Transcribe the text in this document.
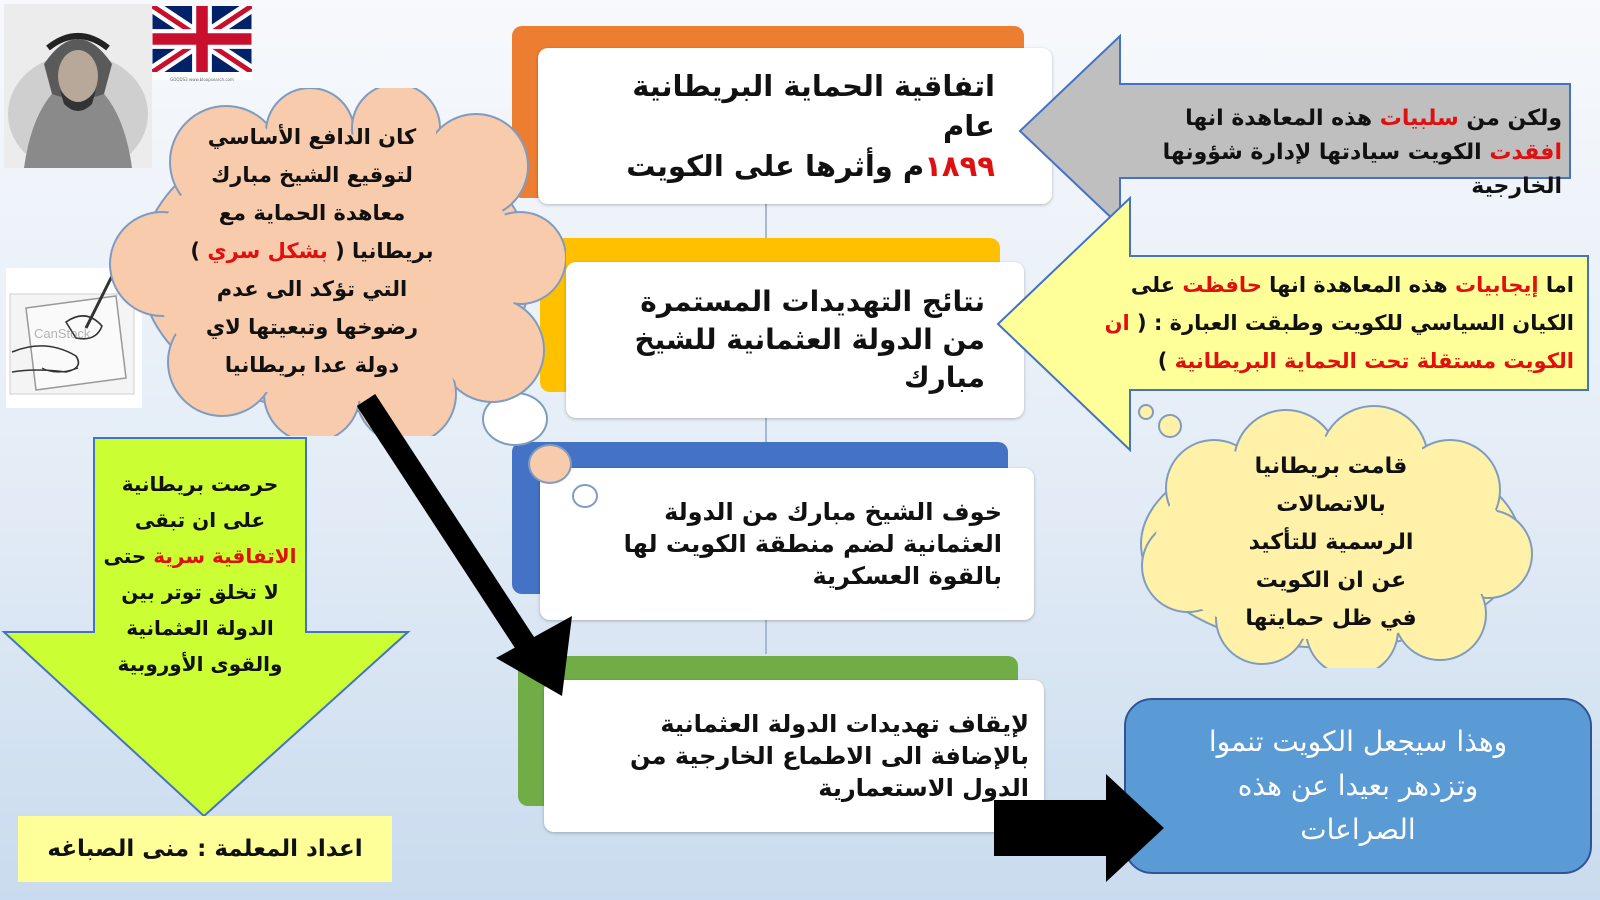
GOODS3 www.bloopsearch.com
CanStock
اتفاقية الحماية البريطانية عام
١٨٩٩م وأثرها على الكويت
نتائج التهديدات المستمرة من الدولة العثمانية للشيخ مبارك
خوف الشيخ مبارك من الدولة العثمانية لضم منطقة الكويت لها بالقوة العسكرية
لإيقاف تهديدات الدولة العثمانية بالإضافة الى الاطماع الخارجية من الدول الاستعمارية
ولكن من سلبيات هذه المعاهدة انها افقدت الكويت سيادتها لإدارة شؤونها الخارجية
اما إيجابيات هذه المعاهدة انها حافظت على الكيان السياسي للكويت وطبقت العبارة : ( ان الكويت مستقلة تحت الحماية البريطانية )
قامت بريطانيا بالاتصالات الرسمية للتأكيد عن ان الكويت في ظل حمايتها
وهذا سيجعل الكويت تنموا وتزدهر بعيدا عن هذه الصراعات
كان الدافع الأساسي لتوقيع الشيخ مبارك معاهدة الحماية مع بريطانيا ( بشكل سري ) التي تؤكد الى عدم رضوخها وتبعيتها لاي دولة عدا بريطانيا
حرصت بريطانية على ان تبقى الاتفاقية سرية حتى لا تخلق توتر بين الدولة العثمانية والقوى الأوروبية
اعداد المعلمة : منى الصباغه
